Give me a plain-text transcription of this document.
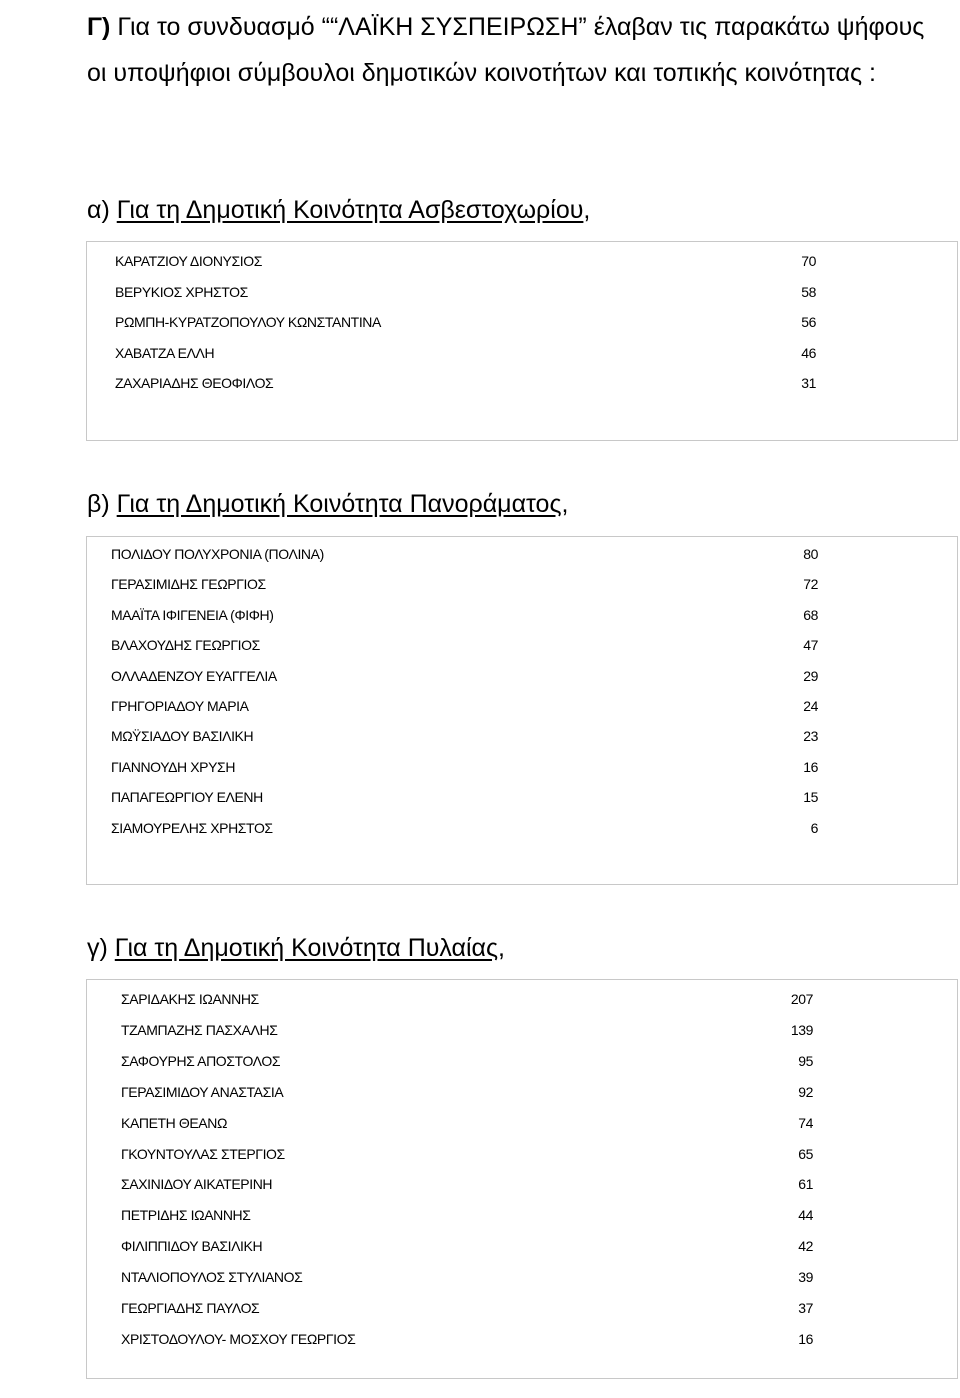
Γ) Για το συνδυασμό ““ΛΑΪΚΗ ΣΥΣΠΕΙΡΩΣΗ” έλαβαν τις παρακάτω ψήφους οι υποψήφιοι σύμβουλοι δημοτικών κοινοτήτων και τοπικής κοινότητας :
α) Για τη Δημοτική Κοινότητα Ασβεστοχωρίου,
ΚΑΡΑΤΖΙΟΥ ΔΙΟΝΥΣΙΟΣ	70
ΒΕΡΥΚΙΟΣ ΧΡΗΣΤΟΣ	58
ΡΩΜΠΗ-ΚΥΡΑΤΖΟΠΟΥΛΟΥ ΚΩΝΣΤΑΝΤΙΝΑ	56
ΧΑΒΑΤΖΑ ΕΛΛΗ	46
ΖΑΧΑΡΙΑΔΗΣ ΘΕΟΦΙΛΟΣ	31
β) Για τη Δημοτική Κοινότητα Πανοράματος,
ΠΟΛΙΔΟΥ ΠΟΛΥΧΡΟΝΙΑ (ΠΟΛΙΝΑ)	80
ΓΕΡΑΣΙΜΙΔΗΣ ΓΕΩΡΓΙΟΣ	72
ΜΑΑΪΤΑ ΙΦΙΓΕΝΕΙΑ (ΦΙΦΗ)	68
ΒΛΑΧΟΥΔΗΣ ΓΕΩΡΓΙΟΣ	47
ΟΛΛΑΔΕΝΖΟΥ ΕΥΑΓΓΕΛΙΑ	29
ΓΡΗΓΟΡΙΑΔΟΥ ΜΑΡΙΑ	24
ΜΩΫΣΙΑΔΟΥ ΒΑΣΙΛΙΚΗ	23
ΓΙΑΝΝΟΥΔΗ ΧΡΥΣΗ	16
ΠΑΠΑΓΕΩΡΓΙΟΥ ΕΛΕΝΗ	15
ΣΙΑΜΟΥΡΕΛΗΣ ΧΡΗΣΤΟΣ	6
γ) Για τη Δημοτική Κοινότητα Πυλαίας,
ΣΑΡΙΔΑΚΗΣ ΙΩΑΝΝΗΣ	207
ΤΖΑΜΠΑΖΗΣ ΠΑΣΧΑΛΗΣ	139
ΣΑΦΟΥΡΗΣ ΑΠΟΣΤΟΛΟΣ	95
ΓΕΡΑΣΙΜΙΔΟΥ ΑΝΑΣΤΑΣΙΑ	92
ΚΑΠΕΤΗ ΘΕΑΝΩ	74
ΓΚΟΥΝΤΟΥΛΑΣ ΣΤΕΡΓΙΟΣ	65
ΣΑΧΙΝΙΔΟΥ ΑΙΚΑΤΕΡΙΝΗ	61
ΠΕΤΡΙΔΗΣ ΙΩΑΝΝΗΣ	44
ΦΙΛΙΠΠΙΔΟΥ ΒΑΣΙΛΙΚΗ	42
ΝΤΑΛΙΟΠΟΥΛΟΣ ΣΤΥΛΙΑΝΟΣ	39
ΓΕΩΡΓΙΑΔΗΣ ΠΑΥΛΟΣ	37
ΧΡΙΣΤΟΔΟΥΛΟΥ- ΜΟΣΧΟΥ ΓΕΩΡΓΙΟΣ	16
